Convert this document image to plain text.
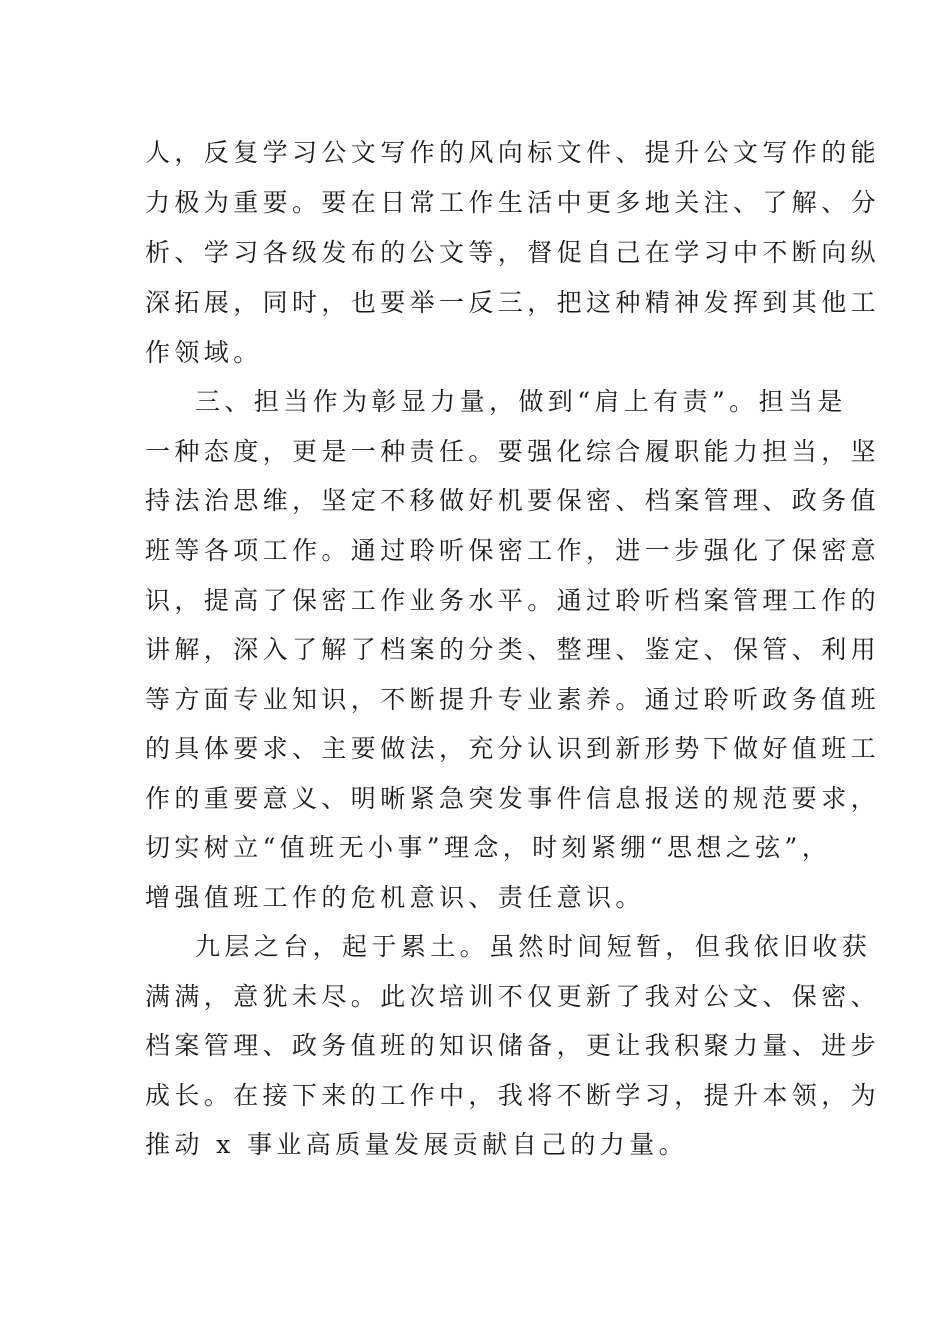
人，反复学习公文写作的风向标文件、提升公文写作的能
力极为重要。要在日常工作生活中更多地关注、了解、分
析、学习各级发布的公文等，督促自己在学习中不断向纵
深拓展，同时，也要举一反三，把这种精神发挥到其他工
作领域。
三、担当作为彰显力量，做到“肩上有责”。担当是
一种态度，更是一种责任。要强化综合履职能力担当，坚
持法治思维，坚定不移做好机要保密、档案管理、政务值
班等各项工作。通过聆听保密工作，进一步强化了保密意
识，提高了保密工作业务水平。通过聆听档案管理工作的
讲解，深入了解了档案的分类、整理、鉴定、保管、利用
等方面专业知识，不断提升专业素养。通过聆听政务值班
的具体要求、主要做法，充分认识到新形势下做好值班工
作的重要意义、明晰紧急突发事件信息报送的规范要求，
切实树立“值班无小事”理念，时刻紧绷“思想之弦”，
增强值班工作的危机意识、责任意识。
九层之台，起于累土。虽然时间短暂，但我依旧收获
满满，意犹未尽。此次培训不仅更新了我对公文、保密、
档案管理、政务值班的知识储备，更让我积聚力量、进步
成长。在接下来的工作中，我将不断学习，提升本领，为
推动 x 事业高质量发展贡献自己的力量。
